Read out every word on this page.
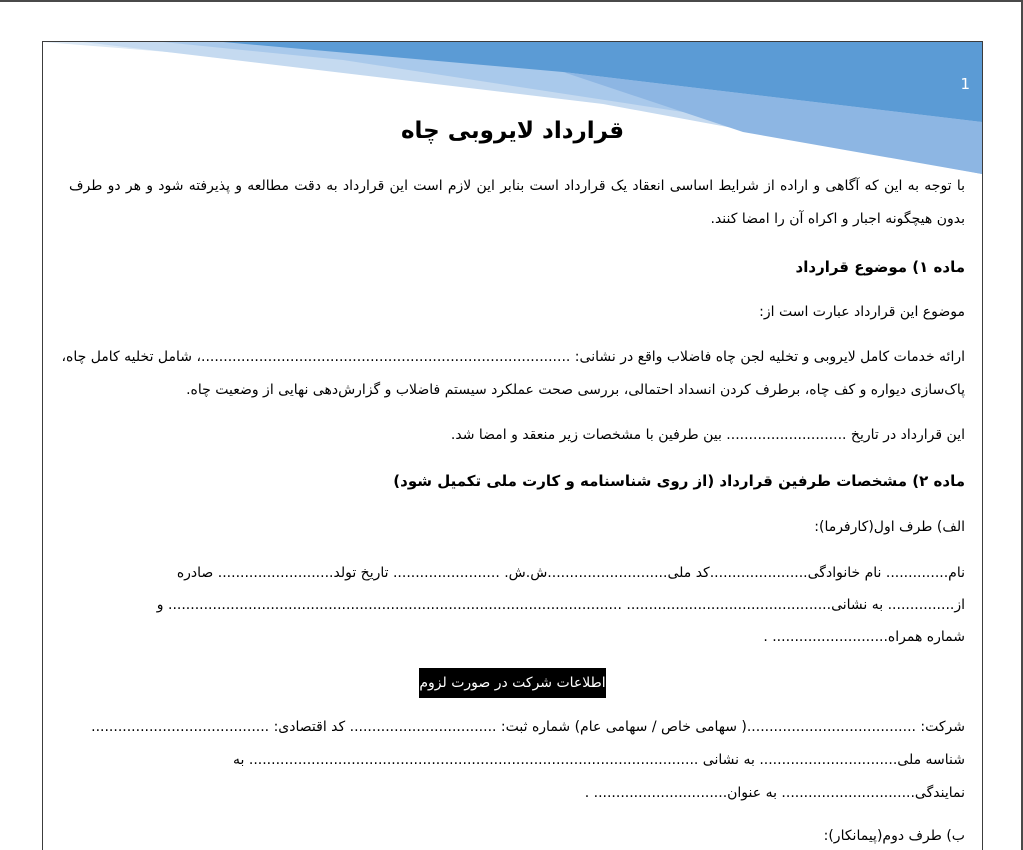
1
قرارداد لایروبی چاه
با توجه به این که آگاهی و اراده از شرایط اساسی انعقاد یک قرارداد است بنابر این لازم است این قرارداد به دقت مطالعه و پذیرفته شود و هر دو طرف
بدون هیچگونه اجبار و اکراه آن را امضا کنند.
ماده ۱) موضوع قرارداد
موضوع این قرارداد عبارت است از:
ارائه خدمات کامل لایروبی و تخلیه لجن چاه فاضلاب واقع در نشانی: ...................................................................................، شامل تخلیه کامل چاه،
پاک‌سازی دیواره و کف چاه، برطرف کردن انسداد احتمالی، بررسی صحت عملکرد سیستم فاضلاب و گزارش‌دهی نهایی از وضعیت چاه.
این قرارداد در تاریخ ........................... بین طرفین با مشخصات زیر منعقد و امضا شد.
ماده ۲) مشخصات طرفین قرارداد (از روی شناسنامه و کارت ملی تکمیل شود)
الف) طرف اول(کارفرما):
نام.............. نام خانوادگی......................کد ملی...........................ش.ش. ........................ تاریخ تولد.......................... صادره
از............... به نشانی.............................................. ...................................................................................................... و
شماره همراه.......................... .
اطلاعات شرکت در صورت لزوم
شرکت: ......................................( سهامی خاص / سهامی عام) شماره ثبت: ................................. کد اقتصادی: ........................................
شناسه ملی............................... به نشانی ..................................................................................................... به
نمایندگی.............................. به عنوان.............................. .
ب) طرف دوم(پیمانکار):
